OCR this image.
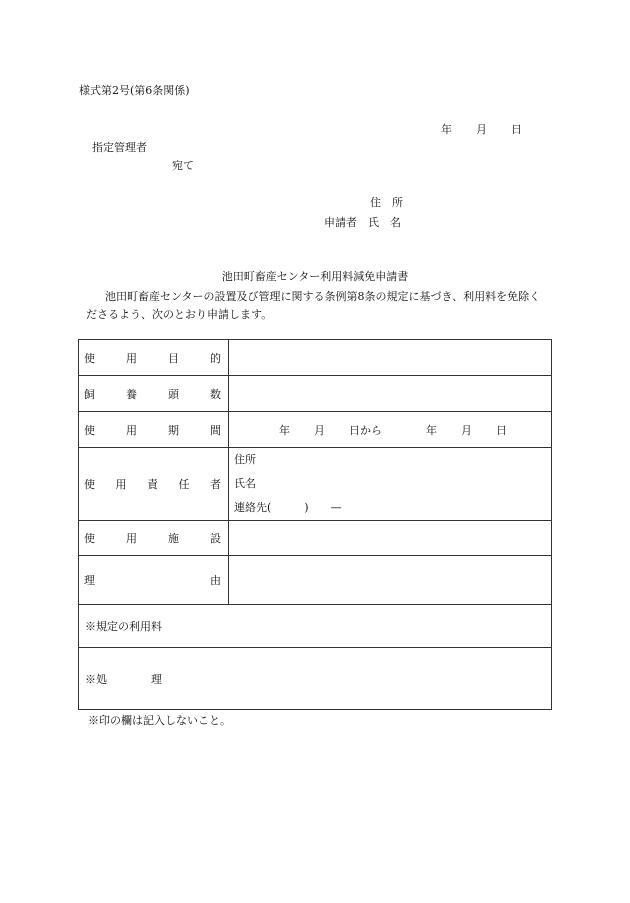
様式第2号(第6条関係)
年 月 日
指定管理者
宛て
住　所
申請者 氏　名
池田町畜産センター利用料減免申請書
池田町畜産センターの設置及び管理に関する条例第8条の規定に基づき、利用料を免除くださるよう、次のとおり申請します。
使 用 目 的	

飼 養 頭 数	

使 用 期 間	年 月 日から 年 月 日

使 用 責 任 者	住所
氏名
連絡先(　　　)　　—

使 用 施 設	

理 由	

※規定の利用料	
※処　　　　理	
※印の欄は記入しないこと。
